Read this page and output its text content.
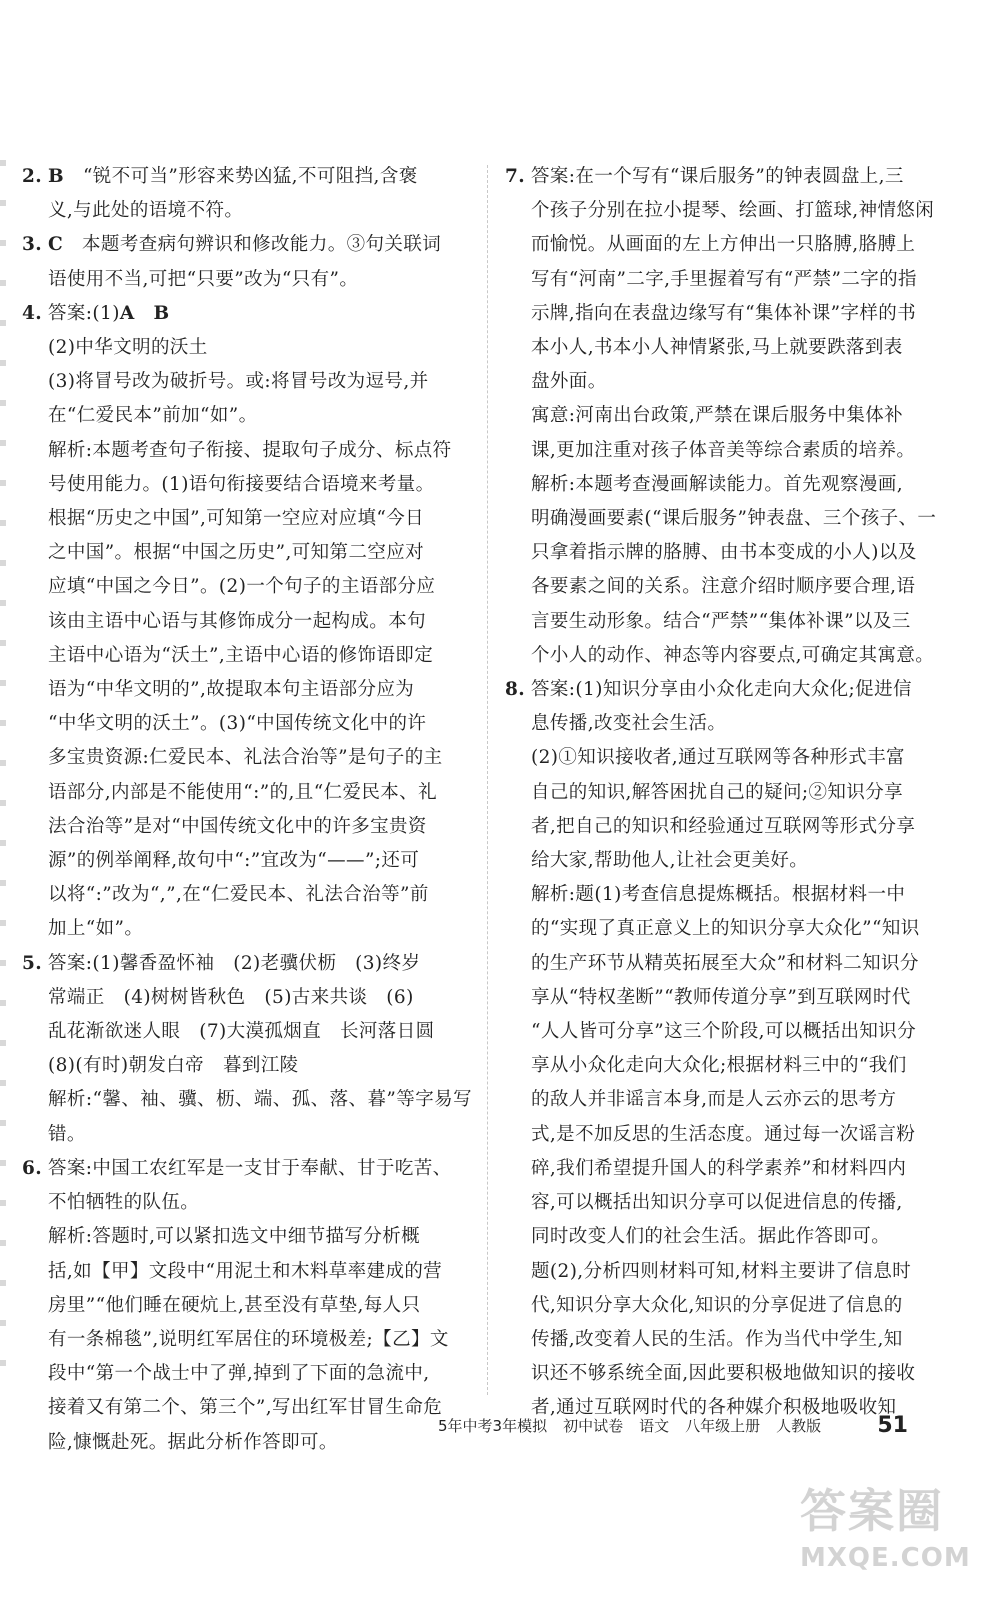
2. B　 “锐不可当”形容来势凶猛,不可阻挡,含褒

义,与此处的语境不符。

3. C　 本题考查病句辨识和修改能力。③句关联词

语使用不当,可把“只要”改为“只有”。

4. 答案:(1)A　B

(2)中华文明的沃土

(3)将冒号改为破折号。或:将冒号改为逗号,并

在“仁爱民本”前加“如”。

解析:本题考查句子衔接、提取句子成分、标点符

号使用能力。(1)语句衔接要结合语境来考量。

根据“历史之中国”,可知第一空应对应填“今日

之中国”。根据“中国之历史”,可知第二空应对

应填“中国之今日”。(2)一个句子的主语部分应

该由主语中心语与其修饰成分一起构成。本句

主语中心语为“沃土”,主语中心语的修饰语即定

语为“中华文明的”,故提取本句主语部分应为

“中华文明的沃土”。(3)“中国传统文化中的许

多宝贵资源:仁爱民本、礼法合治等”是句子的主

语部分,内部是不能使用“:”的,且“仁爱民本、礼

法合治等”是对“中国传统文化中的许多宝贵资

源”的例举阐释,故句中“:”宜改为“——”;还可

以将“:”改为“,”,在“仁爱民本、礼法合治等”前

加上“如”。

5. 答案:(1)馨香盈怀袖　(2)老骥伏枥　(3)终岁

常端正　(4)树树皆秋色　(5)古来共谈　(6)

乱花渐欲迷人眼　(7)大漠孤烟直　长河落日圆

(8)(有时)朝发白帝　暮到江陵

解析:“馨、袖、骥、枥、端、孤、落、暮”等字易写错。

6. 答案:中国工农红军是一支甘于奉献、甘于吃苦、

不怕牺牲的队伍。

解析:答题时,可以紧扣选文中细节描写分析概

括,如【甲】文段中“用泥土和木料草率建成的营

房里”“他们睡在硬炕上,甚至没有草垫,每人只

有一条棉毯”,说明红军居住的环境极差;【乙】文

段中“第一个战士中了弹,掉到了下面的急流中,

接着又有第二个、第三个”,写出红军甘冒生命危

险,慷慨赴死。据此分析作答即可。

7. 答案:在一个写有“课后服务”的钟表圆盘上,三

个孩子分别在拉小提琴、绘画、打篮球,神情悠闲

而愉悦。从画面的左上方伸出一只胳膊,胳膊上

写有“河南”二字,手里握着写有“严禁”二字的指

示牌,指向在表盘边缘写有“集体补课”字样的书

本小人,书本小人神情紧张,马上就要跌落到表

盘外面。

寓意:河南出台政策,严禁在课后服务中集体补

课,更加注重对孩子体音美等综合素质的培养。

解析:本题考查漫画解读能力。首先观察漫画,

明确漫画要素(“课后服务”钟表盘、三个孩子、一

只拿着指示牌的胳膊、由书本变成的小人)以及

各要素之间的关系。注意介绍时顺序要合理,语

言要生动形象。结合“严禁”“集体补课”以及三

个小人的动作、神态等内容要点,可确定其寓意。

8. 答案:(1)知识分享由小众化走向大众化;促进信

息传播,改变社会生活。

(2)①知识接收者,通过互联网等各种形式丰富

自己的知识,解答困扰自己的疑问;②知识分享

者,把自己的知识和经验通过互联网等形式分享

给大家,帮助他人,让社会更美好。

解析:题(1)考查信息提炼概括。根据材料一中

的“实现了真正意义上的知识分享大众化”“知识

的生产环节从精英拓展至大众”和材料二知识分

享从“特权垄断”“教师传道分享”到互联网时代

“人人皆可分享”这三个阶段,可以概括出知识分

享从小众化走向大众化;根据材料三中的“我们

的敌人并非谣言本身,而是人云亦云的思考方

式,是不加反思的生活态度。通过每一次谣言粉

碎,我们希望提升国人的科学素养”和材料四内

容,可以概括出知识分享可以促进信息的传播,

同时改变人们的社会生活。据此作答即可。

题(2),分析四则材料可知,材料主要讲了信息时

代,知识分享大众化,知识的分享促进了信息的

传播,改变着人民的生活。作为当代中学生,知

识还不够系统全面,因此要积极地做知识的接收

者,通过互联网时代的各种媒介积极地吸收知

5年中考3年模拟 初中试卷 语文 八年级上册 人教版	51
答案圈
MXQE.COM
